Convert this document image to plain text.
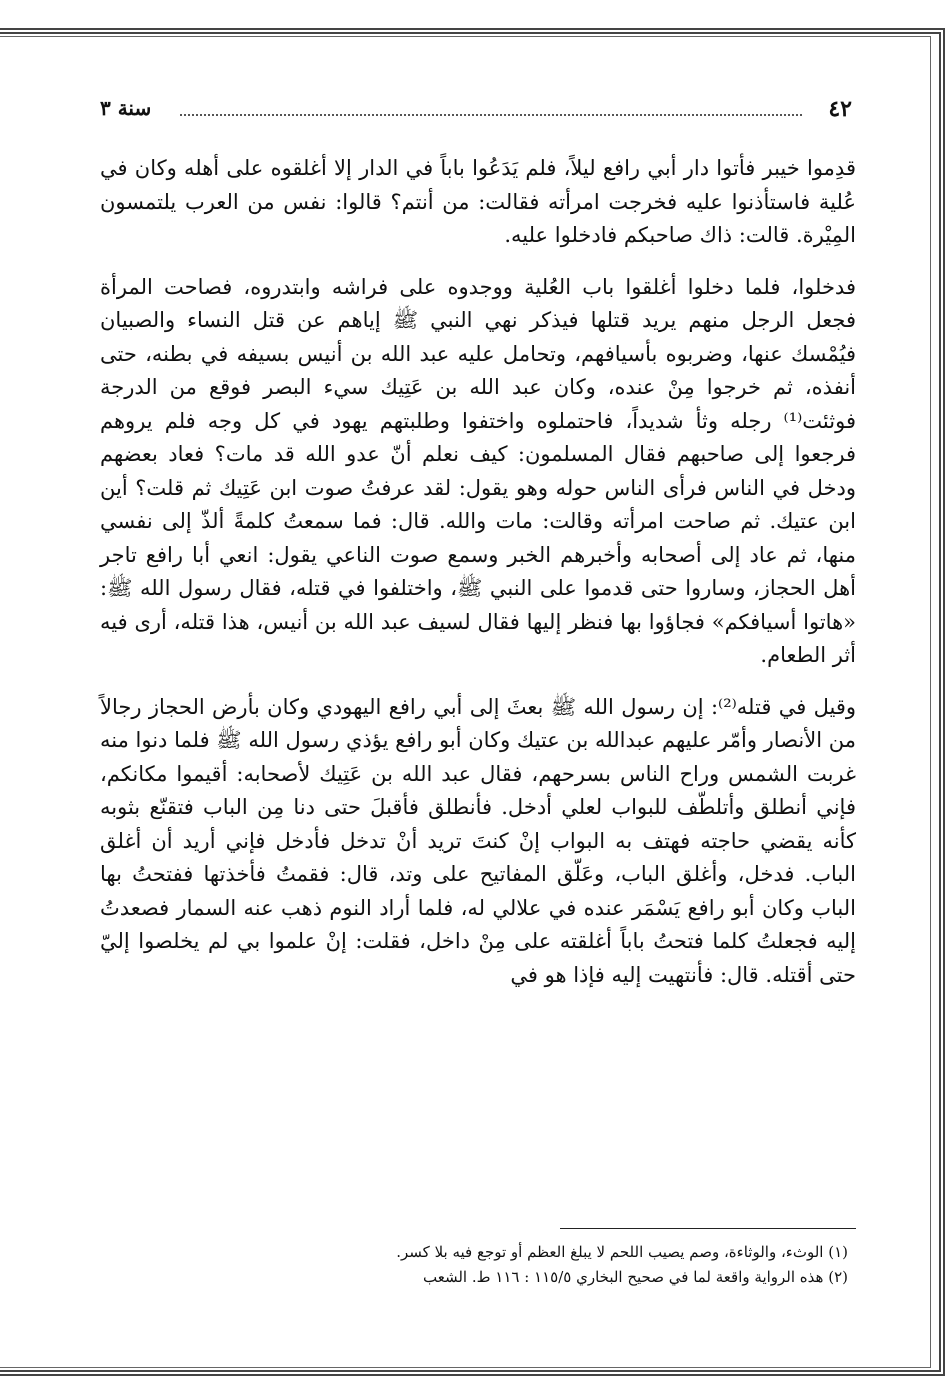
٤٢
سنة ٣

قدِموا خيبر فأتوا دار أبي رافع ليلاً، فلم يَدَعُوا باباً في الدار إلا أغلقوه على أهله وكان في عُلية فاستأذنوا عليه فخرجت امرأته فقالت: من أنتم؟ قالوا: نفس من العرب يلتمسون المِيْرة. قالت: ذاك صاحبكم فادخلوا عليه.

فدخلوا، فلما دخلوا أغلقوا باب العُلية ووجدوه على فراشه وابتدروه، فصاحت المرأة فجعل الرجل منهم يريد قتلها فيذكر نهي النبي ﷺ إياهم عن قتل النساء والصبيان فيُمْسك عنها، وضربوه بأسيافهم، وتحامل عليه عبد الله بن أنيس بسيفه في بطنه، حتى أنفذه، ثم خرجوا مِنْ عنده، وكان عبد الله بن عَتِيك سيء البصر فوقع من الدرجة فوثئت⁽¹⁾ رجله وثأ شديداً، فاحتملوه واختفوا وطلبتهم يهود في كل وجه فلم يروهم فرجعوا إلى صاحبهم فقال المسلمون: كيف نعلم أنّ عدو الله قد مات؟ فعاد بعضهم ودخل في الناس فرأى الناس حوله وهو يقول: لقد عرفتُ صوت ابن عَتِيك ثم قلت؟ أين ابن عتيك. ثم صاحت امرأته وقالت: مات والله. قال: فما سمعتُ كلمةً ألذّ إلى نفسي منها، ثم عاد إلى أصحابه وأخبرهم الخبر وسمع صوت الناعي يقول: انعي أبا رافع تاجر أهل الحجاز، وساروا حتى قدموا على النبي ﷺ، واختلفوا في قتله، فقال رسول الله ﷺ: «هاتوا أسيافكم» فجاؤوا بها فنظر إليها فقال لسيف عبد الله بن أنيس، هذا قتله، أرى فيه أثر الطعام.

وقيل في قتله⁽²⁾: إن رسول الله ﷺ بعثَ إلى أبي رافع اليهودي وكان بأرض الحجاز رجالاً من الأنصار وأمّر عليهم عبدالله بن عتيك وكان أبو رافع يؤذي رسول الله ﷺ فلما دنوا منه غربت الشمس وراح الناس بسرحهم، فقال عبد الله بن عَتِيك لأصحابه: أقيموا مكانكم، فإني أنطلق وأتلطّف للبواب لعلي أدخل. فأنطلق فأقبلَ حتى دنا مِن الباب فتقنّع بثوبه كأنه يقضي حاجته فهتف به البواب إنْ كنتَ تريد أنْ تدخل فأدخل فإني أريد أن أغلق الباب. فدخل، وأغلق الباب، وعَلّق المفاتيح على وتد، قال: فقمتُ فأخذتها ففتحتُ بها الباب وكان أبو رافع يَسْمَر عنده في علالي له، فلما أراد النوم ذهب عنه السمار فصعدتُ إليه فجعلتُ كلما فتحتُ باباً أغلقته على مِنْ داخل، فقلت: إنْ علموا بي لم يخلصوا إليّ حتى أقتله. قال: فأنتهيت إليه فإذا هو في

(١) الوثء، والوثاءة، وصم يصيب اللحم لا يبلغ العظم أو توجع فيه بلا كسر.

(٢) هذه الرواية واقعة لما في صحيح البخاري ١١٥/٥ : ١١٦ ط. الشعب
